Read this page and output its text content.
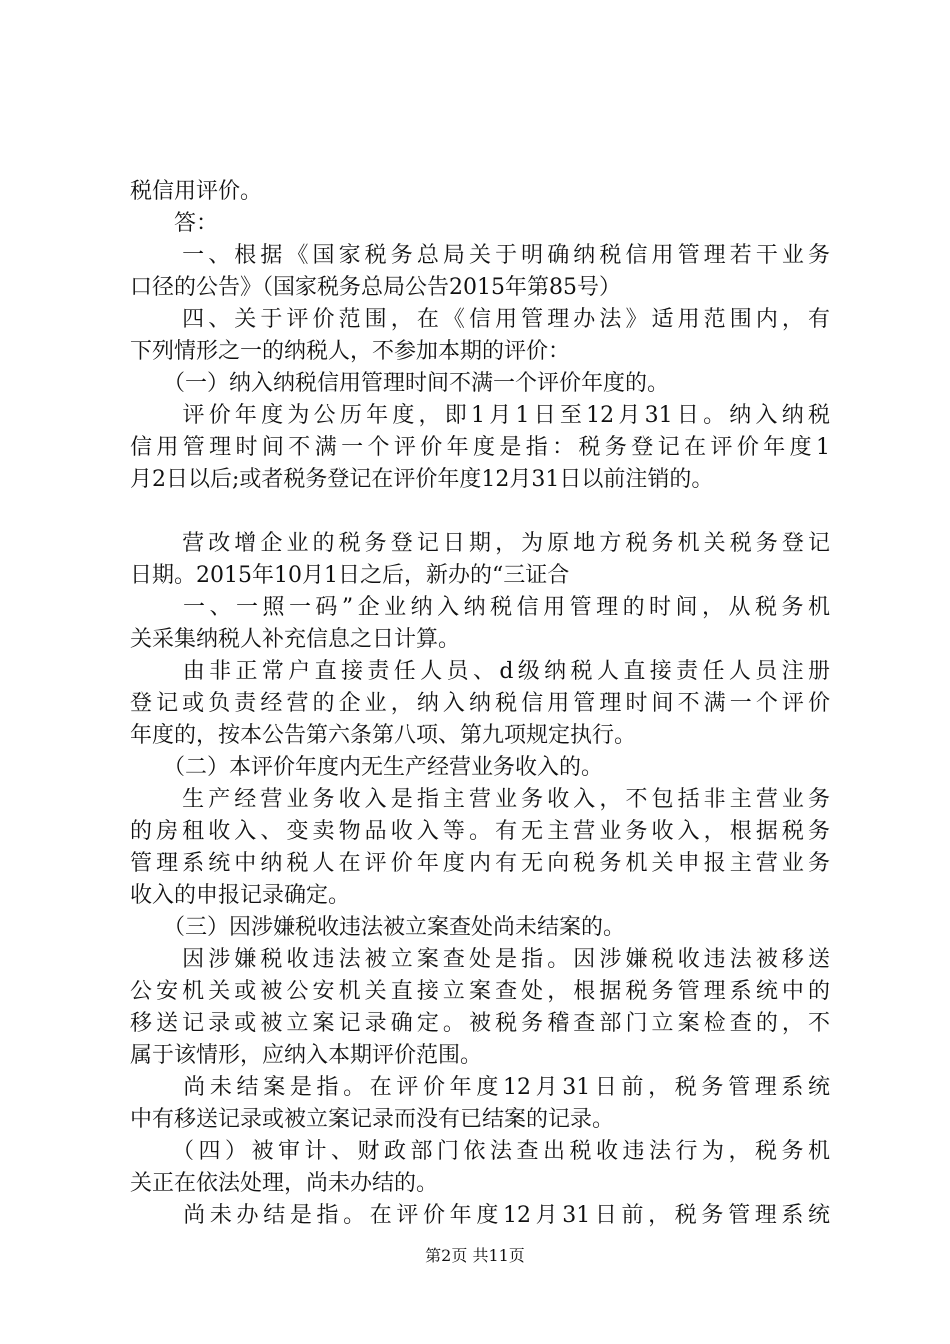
税信用评价。
　　答：
　　一、根据《国家税务总局关于明确纳税信用管理若干业务
口径的公告》（国家税务总局公告2015年第85号）
　　四、关于评价范围，在《信用管理办法》适用范围内，有
下列情形之一的纳税人，不参加本期的评价：
　　（一）纳入纳税信用管理时间不满一个评价年度的。
　　评价年度为公历年度，即1月1日至12月31日。纳入纳税
信用管理时间不满一个评价年度是指：税务登记在评价年度1
月2日以后;或者税务登记在评价年度12月31日以前注销的。
　　营改增企业的税务登记日期，为原地方税务机关税务登记
日期。2015年10月1日之后，新办的“三证合
　　一、一照一码”企业纳入纳税信用管理的时间，从税务机
关采集纳税人补充信息之日计算。
　　由非正常户直接责任人员、d级纳税人直接责任人员注册
登记或负责经营的企业，纳入纳税信用管理时间不满一个评价
年度的，按本公告第六条第八项、第九项规定执行。
　　（二）本评价年度内无生产经营业务收入的。
　　生产经营业务收入是指主营业务收入，不包括非主营业务
的房租收入、变卖物品收入等。有无主营业务收入，根据税务
管理系统中纳税人在评价年度内有无向税务机关申报主营业务
收入的申报记录确定。
　　（三）因涉嫌税收违法被立案查处尚未结案的。
　　因涉嫌税收违法被立案查处是指。因涉嫌税收违法被移送
公安机关或被公安机关直接立案查处，根据税务管理系统中的
移送记录或被立案记录确定。被税务稽查部门立案检查的，不
属于该情形，应纳入本期评价范围。
　　尚未结案是指。在评价年度12月31日前，税务管理系统
中有移送记录或被立案记录而没有已结案的记录。
　　（四）被审计、财政部门依法查出税收违法行为，税务机
关正在依法处理，尚未办结的。
　　尚未办结是指。在评价年度12月31日前，税务管理系统
第2页 共11页
